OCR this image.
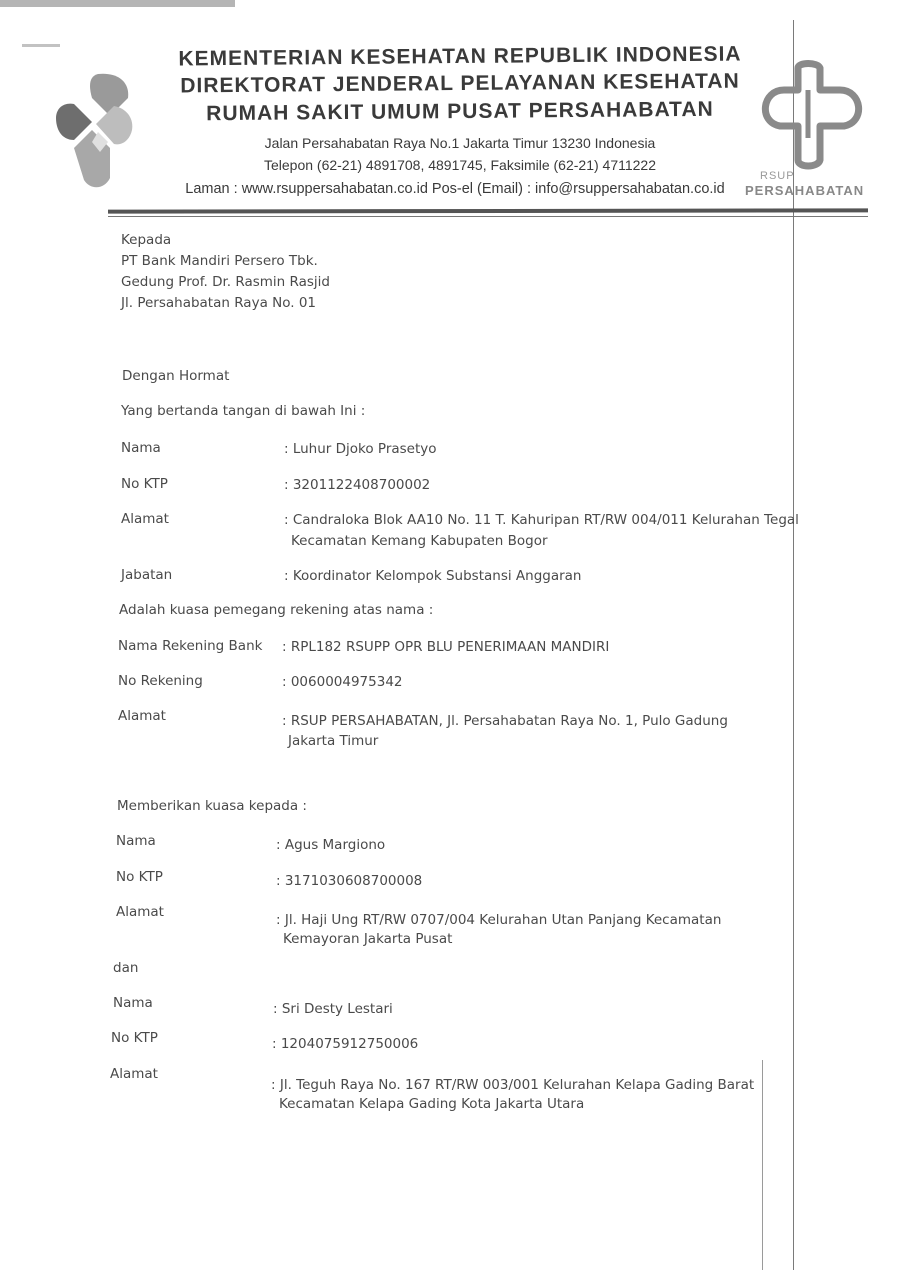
RSUP
PERSAHABATAN
KEMENTERIAN KESEHATAN REPUBLIK INDONESIA
DIREKTORAT JENDERAL PELAYANAN KESEHATAN
RUMAH SAKIT UMUM PUSAT PERSAHABATAN
Jalan Persahabatan Raya No.1 Jakarta Timur 13230 Indonesia
Telepon (62-21) 4891708, 4891745, Faksimile (62-21) 4711222
Laman : www.rsuppersahabatan.co.id Pos-el (Email) : info@rsuppersahabatan.co.id
Kepada
PT Bank Mandiri Persero Tbk.
Gedung Prof. Dr. Rasmin Rasjid
Jl. Persahabatan Raya No. 01
Dengan Hormat
Yang bertanda tangan di bawah Ini :
Nama	: Luhur Djoko Prasetyo
No KTP	: 3201122408700002
Alamat	: Candraloka Blok AA10 No. 11 T. Kahuripan RT/RW 004/011 Kelurahan Tegal
Kecamatan Kemang Kabupaten Bogor
Jabatan	: Koordinator Kelompok Substansi Anggaran
Adalah kuasa pemegang rekening atas nama :
Nama Rekening Bank : RPL182 RSUPP OPR BLU PENERIMAAN MANDIRI
No Rekening	: 0060004975342
Alamat	: RSUP PERSAHABATAN, Jl. Persahabatan Raya No. 1, Pulo Gadung
Jakarta Timur
Memberikan kuasa kepada :
Nama	: Agus Margiono
No KTP	: 3171030608700008
Alamat	: Jl. Haji Ung RT/RW 0707/004 Kelurahan Utan Panjang Kecamatan
Kemayoran Jakarta Pusat
dan
Nama	: Sri Desty Lestari
No KTP	: 1204075912750006
Alamat
: Jl. Teguh Raya No. 167 RT/RW 003/001 Kelurahan Kelapa Gading Barat
Kecamatan Kelapa Gading Kota Jakarta Utara
